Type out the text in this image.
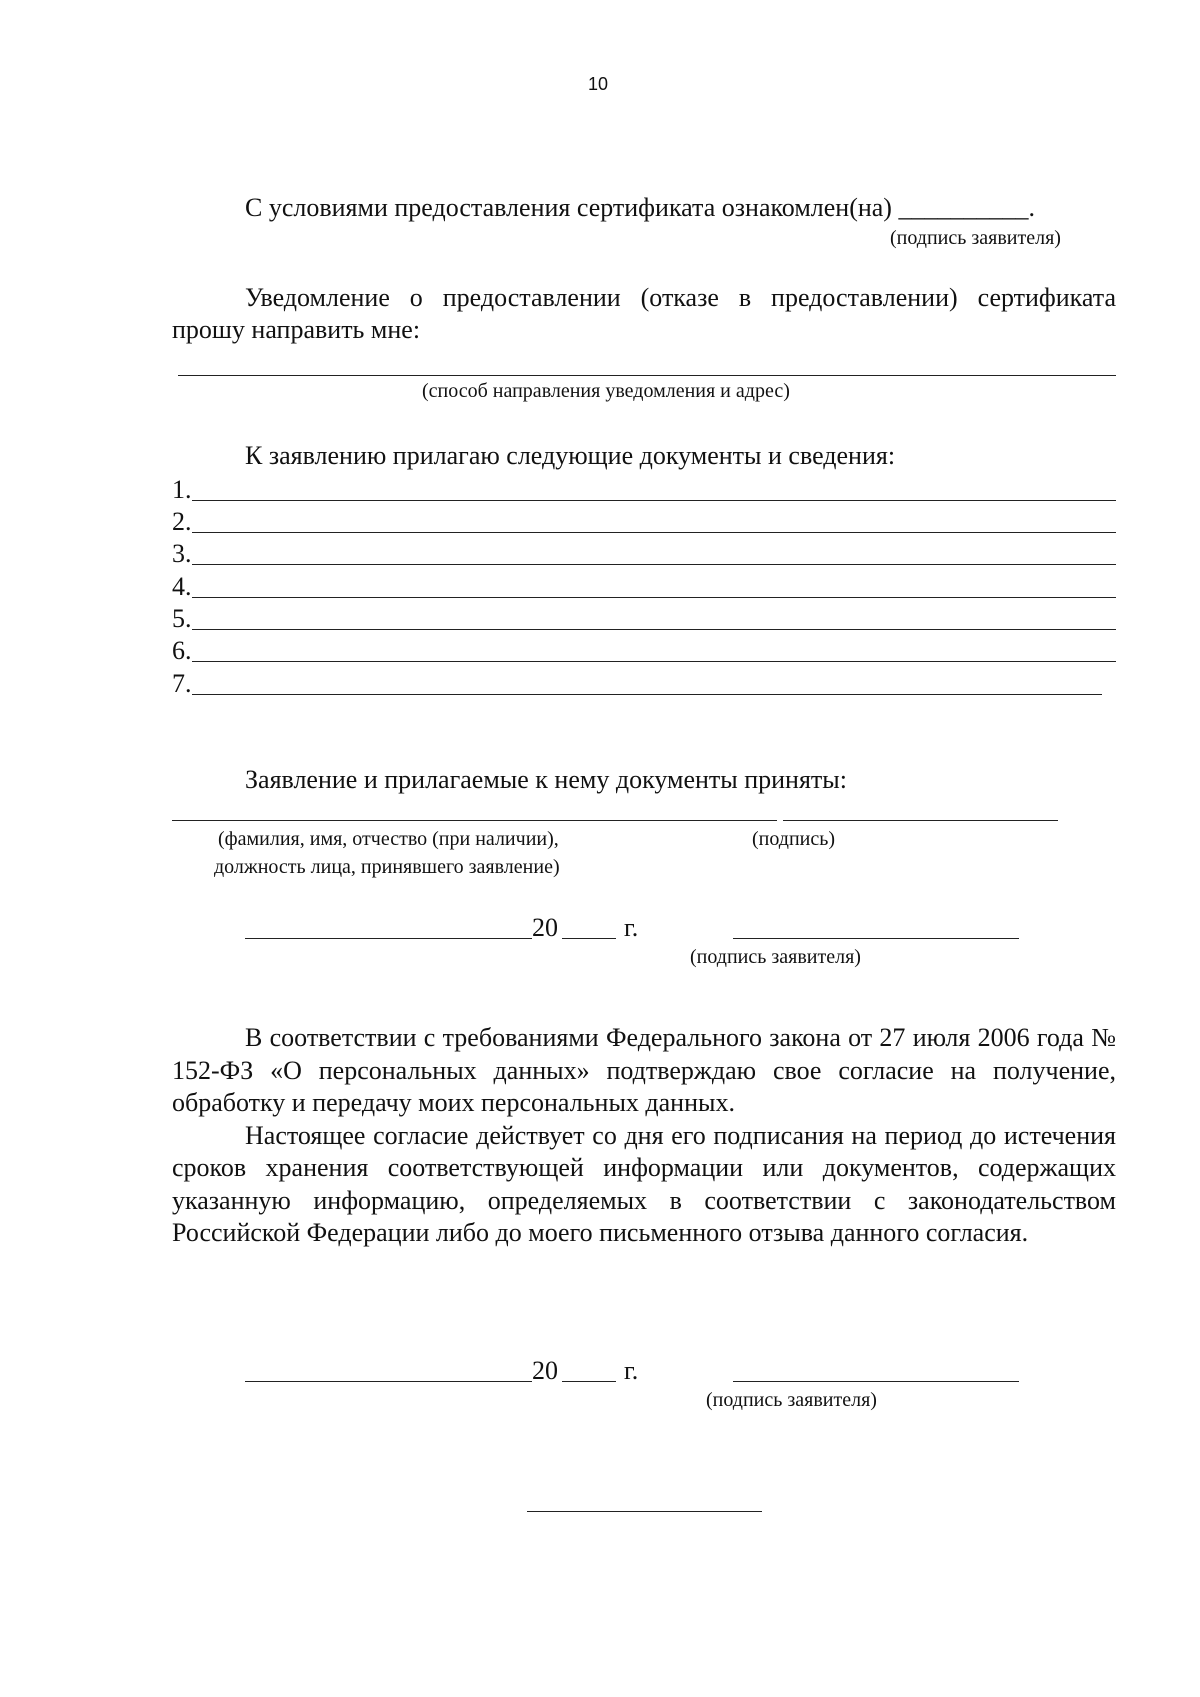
10
С условиями предоставления сертификата ознакомлен(на) __________.
(подпись заявителя)
Уведомление о предоставлении (отказе в предоставлении) сертификата
прошу направить мне:
(способ направления уведомления и адрес)
К заявлению прилагаю следующие документы и сведения:
1.
2.
3.
4.
5.
6.
7.
Заявление и прилагаемые к нему документы приняты:
(фамилия, имя, отчество (при наличии),
должность лица, принявшего заявление)
(подпись)
20	г.
(подпись заявителя)

В соответствии с требованиями Федерального закона от 27 июля 2006 года № 152-ФЗ «О персональных данных» подтверждаю свое согласие на получение, обработку и передачу моих персональных данных.

Настоящее согласие действует со дня его подписания на период до истечения сроков хранения соответствующей информации или документов, содержащих указанную информацию, определяемых в соответствии с законодательством Российской Федерации либо до моего письменного отзыва данного согласия.

20	г.
(подпись заявителя)
